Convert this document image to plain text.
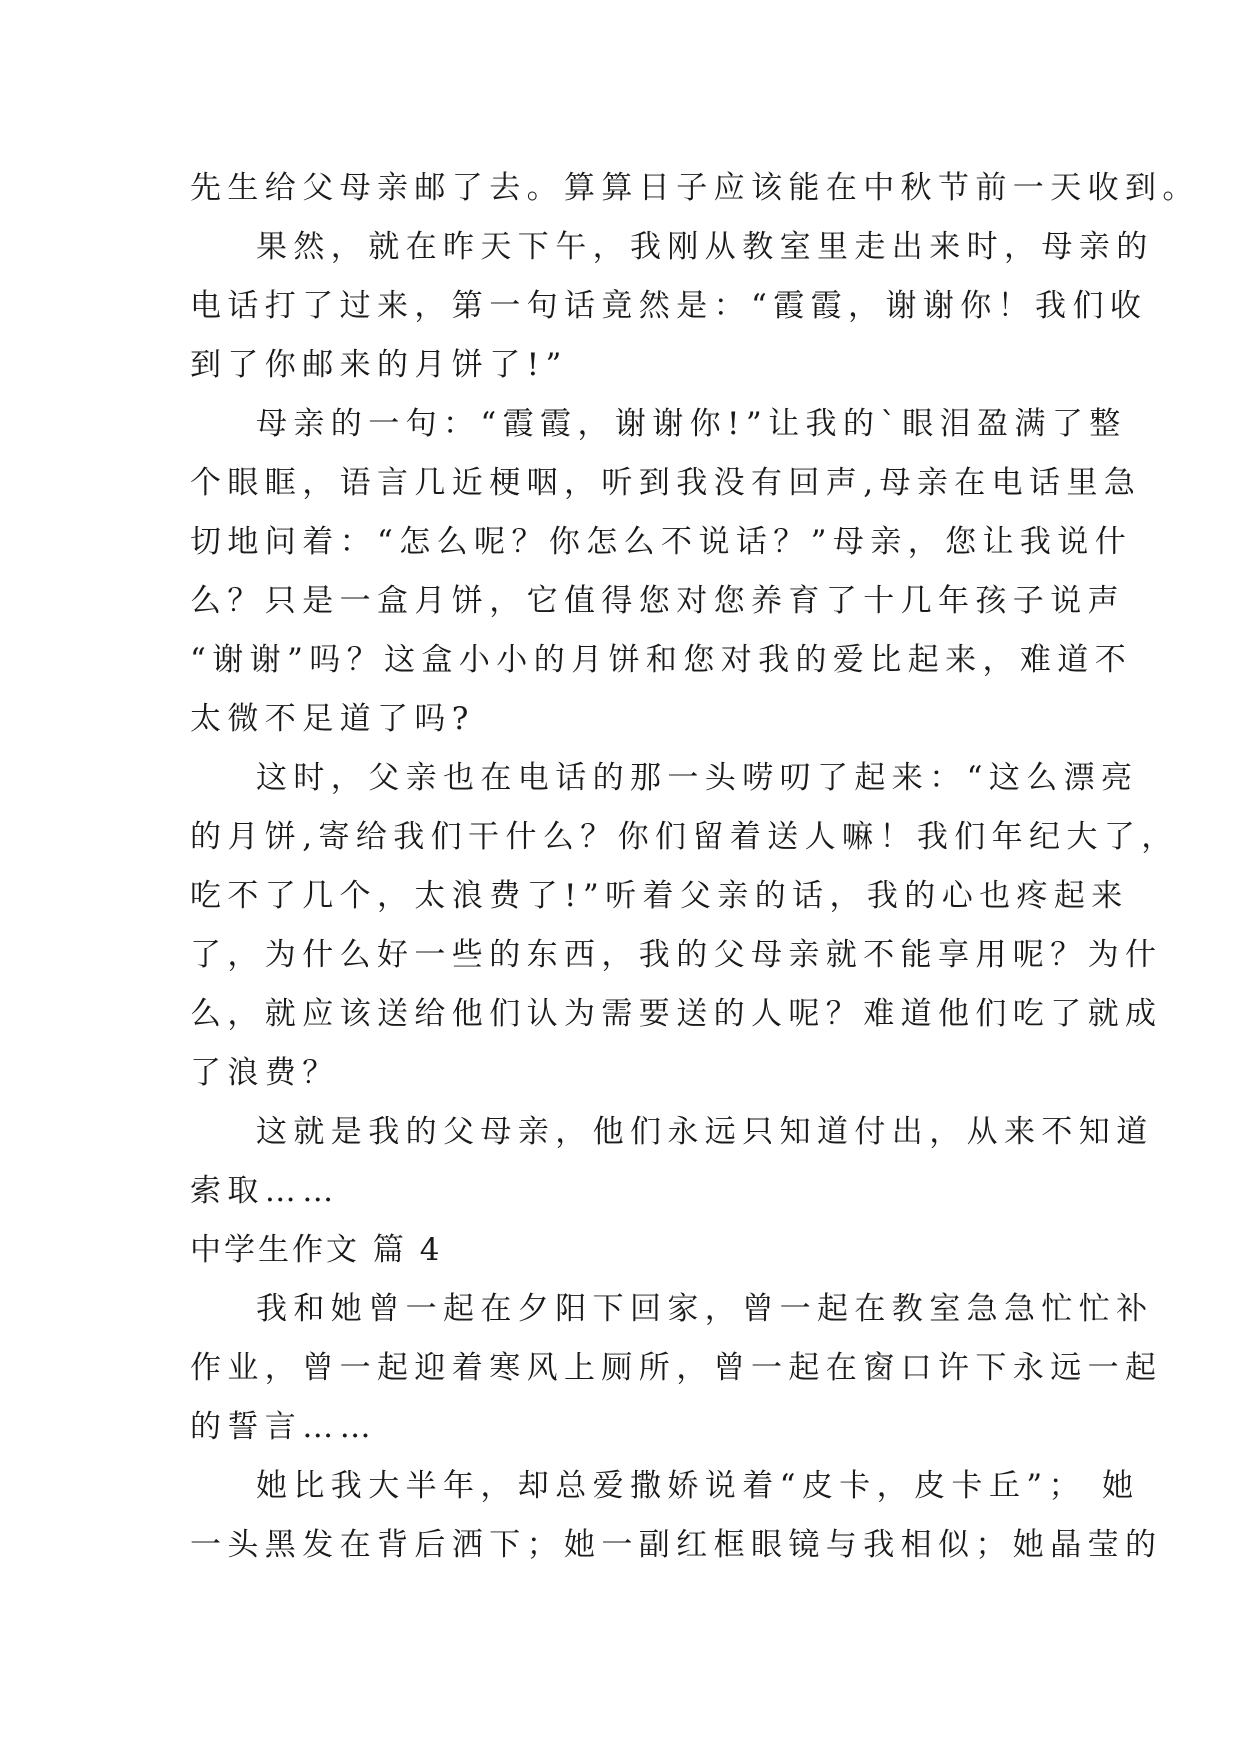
先生给父母亲邮了去。算算日子应该能在中秋节前一天收到。
果然，就在昨天下午，我刚从教室里走出来时，母亲的
电话打了过来，第一句话竟然是：“霞霞，谢谢你！我们收
到了你邮来的月饼了!”
母亲的一句：“霞霞，谢谢你!”让我的`眼泪盈满了整
个眼眶，语言几近梗咽，听到我没有回声,母亲在电话里急
切地问着：“怎么呢？你怎么不说话？”母亲，您让我说什
么？只是一盒月饼，它值得您对您养育了十几年孩子说声
“谢谢”吗？这盒小小的月饼和您对我的爱比起来，难道不
太微不足道了吗?
这时，父亲也在电话的那一头唠叨了起来：“这么漂亮
的月饼,寄给我们干什么？你们留着送人嘛！我们年纪大了，
吃不了几个，太浪费了!”听着父亲的话，我的心也疼起来
了，为什么好一些的东西，我的父母亲就不能享用呢？为什
么，就应该送给他们认为需要送的人呢？难道他们吃了就成
了浪费？
这就是我的父母亲，他们永远只知道付出，从来不知道
索取……
中学生作文 篇 4
我和她曾一起在夕阳下回家，曾一起在教室急急忙忙补
作业，曾一起迎着寒风上厕所，曾一起在窗口许下永远一起
的誓言……
她比我大半年，却总爱撒娇说着“皮卡，皮卡丘”； 她
一头黑发在背后洒下；她一副红框眼镜与我相似；她晶莹的
